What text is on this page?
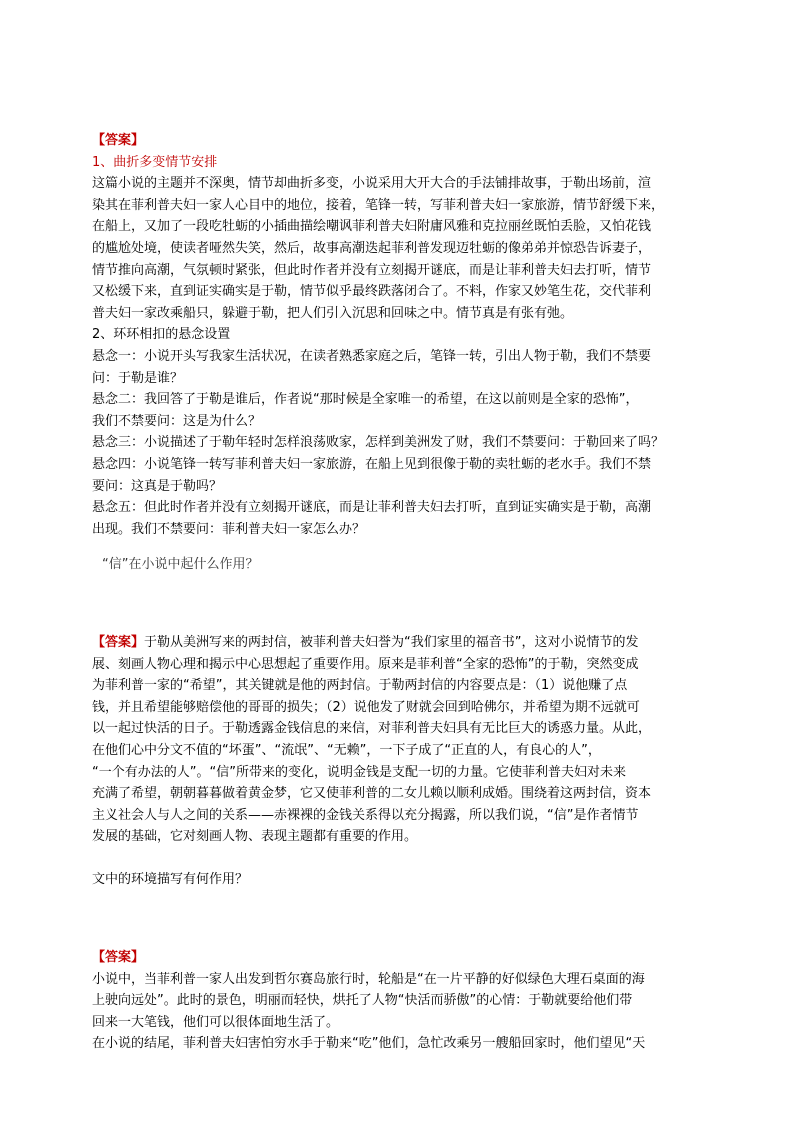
【答案】

1、曲折多变情节安排

这篇小说的主题并不深奥，情节却曲折多变，小说采用大开大合的手法铺排故事，于勒出场前，渲

染其在菲利普夫妇一家人心目中的地位，接着，笔锋一转，写菲利普夫妇一家旅游，情节舒缓下来，

在船上，又加了一段吃牡蛎的小插曲描绘嘲讽菲利普夫妇附庸风雅和克拉丽丝既怕丢脸，又怕花钱

的尴尬处境，使读者哑然失笑，然后，故事高潮迭起菲利普发现迈牡蛎的像弟弟并惊恐告诉妻子，

情节推向高潮，气氛顿时紧张，但此时作者并没有立刻揭开谜底，而是让菲利普夫妇去打听，情节

又松缓下来，直到证实确实是于勒，情节似乎最终跌落闭合了。不料，作家又妙笔生花，交代菲利

普夫妇一家改乘船只，躲避于勒，把人们引入沉思和回味之中。情节真是有张有弛。

2、环环相扣的悬念设置

悬念一：小说开头写我家生活状况，在读者熟悉家庭之后，笔锋一转，引出人物于勒，我们不禁要

问：于勒是谁？

悬念二：我回答了于勒是谁后，作者说“那时候是全家唯一的希望，在这以前则是全家的恐怖”，

我们不禁要问：这是为什么？

悬念三：小说描述了于勒年轻时怎样浪荡败家，怎样到美洲发了财，我们不禁要问：于勒回来了吗？

悬念四：小说笔锋一转写菲利普夫妇一家旅游，在船上见到很像于勒的卖牡蛎的老水手。我们不禁

要问：这真是于勒吗？

悬念五：但此时作者并没有立刻揭开谜底，而是让菲利普夫妇去打听，直到证实确实是于勒，高潮

出现。我们不禁要问：菲利普夫妇一家怎么办？

“信”在小说中起什么作用？

【答案】于勒从美洲写来的两封信，被菲利普夫妇誉为“我们家里的福音书”，这对小说情节的发

展、刻画人物心理和揭示中心思想起了重要作用。原来是菲利普“全家的恐怖”的于勒，突然变成

为菲利普一家的“希望”，其关键就是他的两封信。于勒两封信的内容要点是：（1）说他赚了点

钱，并且希望能够赔偿他的哥哥的损失；（2）说他发了财就会回到哈佛尔，并希望为期不远就可

以一起过快活的日子。于勒透露金钱信息的来信，对菲利普夫妇具有无比巨大的诱惑力量。从此，

在他们心中分文不值的“坏蛋”、“流氓”、“无赖”，一下子成了“正直的人，有良心的人”，

“一个有办法的人”。“信”所带来的变化，说明金钱是支配一切的力量。它使菲利普夫妇对未来

充满了希望，朝朝暮暮做着黄金梦，它又使菲利普的二女儿赖以顺利成婚。围绕着这两封信，资本

主义社会人与人之间的关系——赤裸裸的金钱关系得以充分揭露，所以我们说，“信”是作者情节

发展的基础，它对刻画人物、表现主题都有重要的作用。

文中的环境描写有何作用？

【答案】

小说中，当菲利普一家人出发到哲尔赛岛旅行时，轮船是“在一片平静的好似绿色大理石桌面的海

上驶向远处”。此时的景色，明丽而轻快，烘托了人物“快活而骄傲”的心情：于勒就要给他们带

回来一大笔钱，他们可以很体面地生活了。

在小说的结尾，菲利普夫妇害怕穷水手于勒来“吃”他们，急忙改乘另一艘船回家时，他们望见“天
